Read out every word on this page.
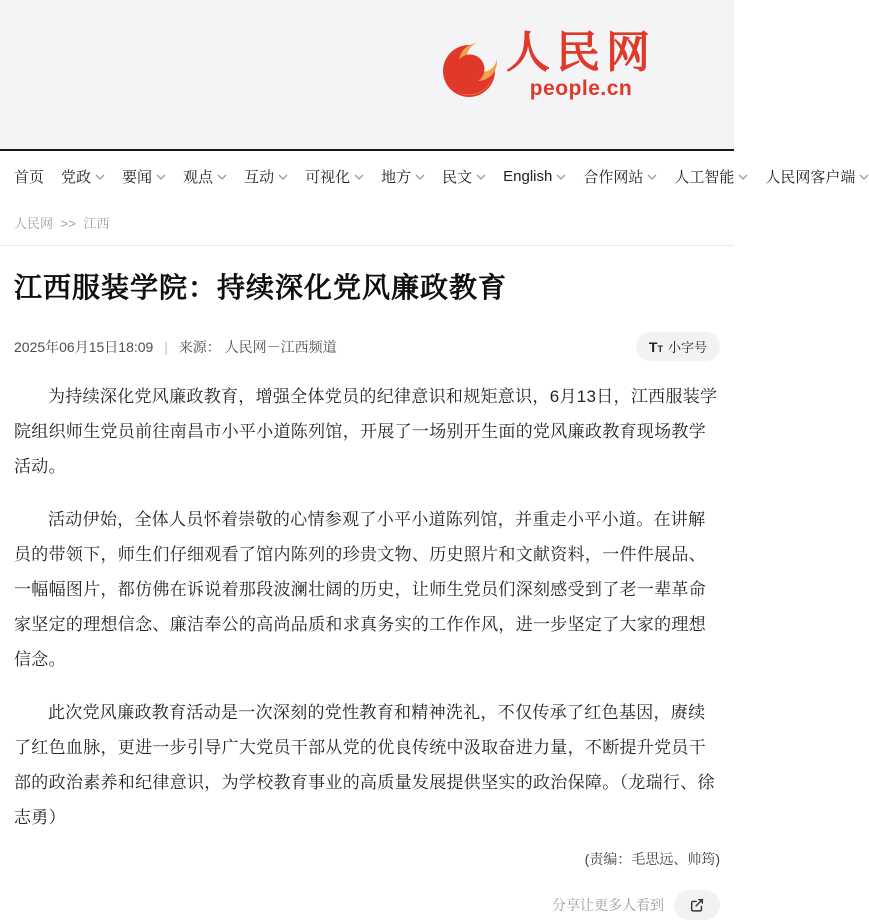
人民网
people.cn
首页 党政 要闻 观点 互动 可视化 地方 民文 English 合作网站 人工智能 人民网客户端
人民网 >> 江西
江西服装学院：持续深化党风廉政教育
2025年06月15日18:09 | 来源： 人民网－江西频道	TT 小字号

为持续深化党风廉政教育，增强全体党员的纪律意识和规矩意识，6月13日，江西服装学院组织师生党员前往南昌市小平小道陈列馆，开展了一场别开生面的党风廉政教育现场教学活动。

活动伊始，全体人员怀着崇敬的心情参观了小平小道陈列馆，并重走小平小道。在讲解员的带领下，师生们仔细观看了馆内陈列的珍贵文物、历史照片和文献资料，一件件展品、一幅幅图片，都仿佛在诉说着那段波澜壮阔的历史，让师生党员们深刻感受到了老一辈革命家坚定的理想信念、廉洁奉公的高尚品质和求真务实的工作作风，进一步坚定了大家的理想信念。

此次党风廉政教育活动是一次深刻的党性教育和精神洗礼，不仅传承了红色基因，赓续了红色血脉，更进一步引导广大党员干部从党的优良传统中汲取奋进力量，不断提升党员干部的政治素养和纪律意识，为学校教育事业的高质量发展提供坚实的政治保障。（龙瑞行、徐志勇）

(责编：毛思远、帅筠)
分享让更多人看到
